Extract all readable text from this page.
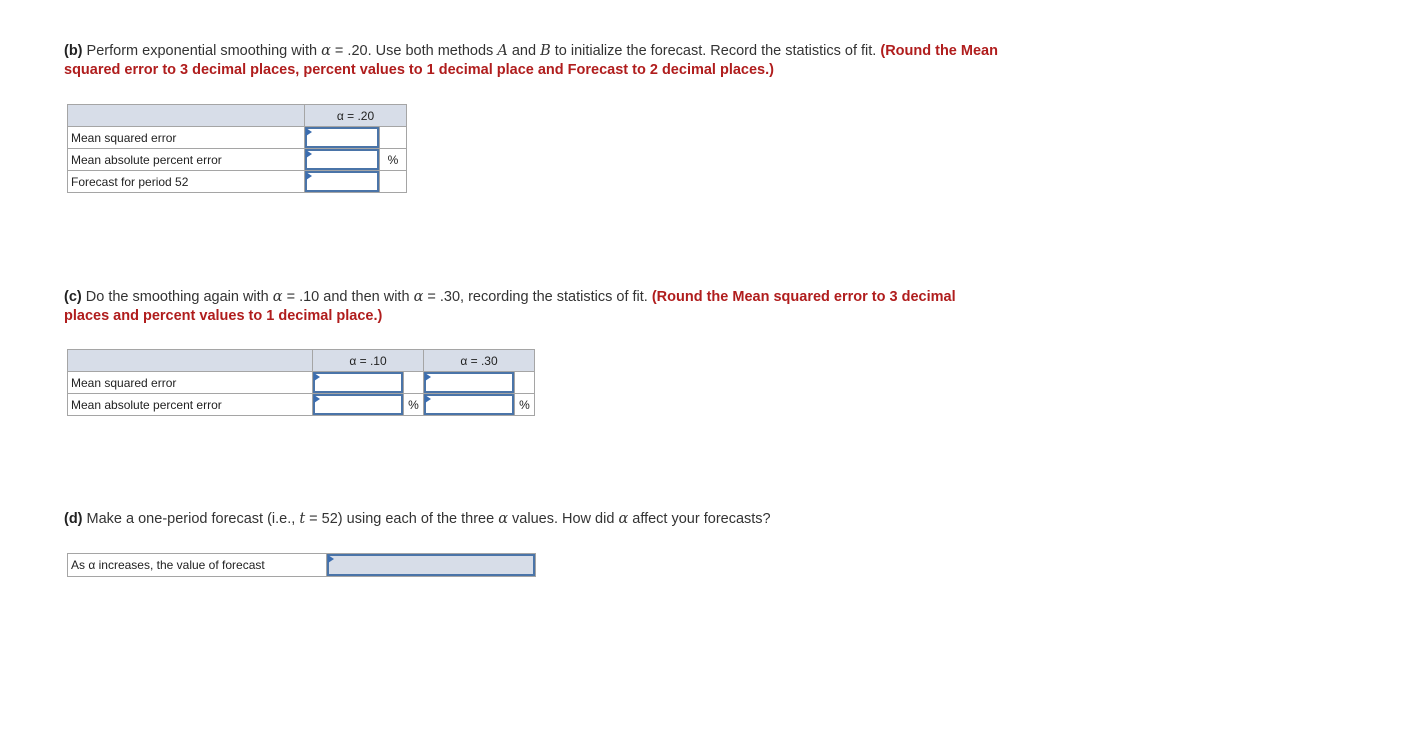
(b) Perform exponential smoothing with α = .20. Use both methods A and B to initialize the forecast. Record the statistics of fit. (Round the Mean squared error to 3 decimal places, percent values to 1 decimal place and Forecast to 2 decimal places.)
	α = .20	
Mean squared error	

Mean absolute percent error		%
Forecast for period 52	

(c) Do the smoothing again with α = .10 and then with α = .30, recording the statistics of fit. (Round the Mean squared error to 3 decimal places and percent values to 1 decimal place.)
	α = .10		α = .30	
Mean squared error	

Mean absolute percent error		%		%
(d) Make a one-period forecast (i.e., t = 52) using each of the three α values. How did α affect your forecasts?
As α increases, the value of forecast	
